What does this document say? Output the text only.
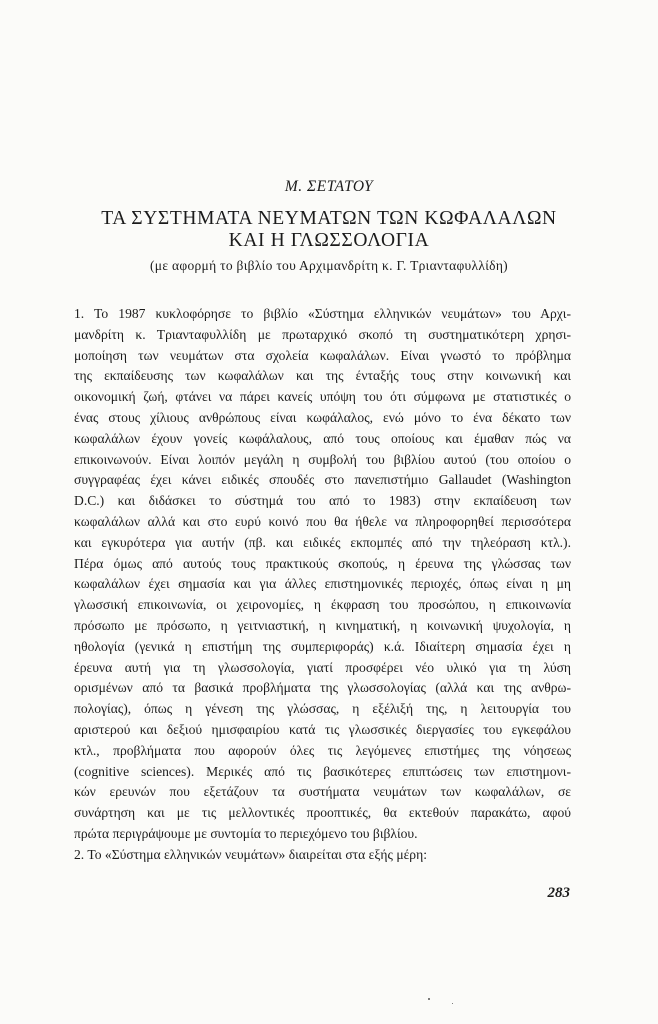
Μ. ΣΕΤΑΤΟΥ
ΤΑ ΣΥΣΤΗΜΑΤΑ ΝΕΥΜΑΤΩΝ ΤΩΝ ΚΩΦΑΛΑΛΩΝ
ΚΑΙ Η ΓΛΩΣΣΟΛΟΓΙΑ
(με αφορμή το βιβλίο του Αρχιμανδρίτη κ. Γ. Τριανταφυλλίδη)
1. Το 1987 κυκλοφόρησε το βιβλίο «Σύστημα ελληνικών νευμάτων» του Αρχι-
μανδρίτη κ. Τριανταφυλλίδη με πρωταρχικό σκοπό τη συστηματικότερη χρησι-
μοποίηση των νευμάτων στα σχολεία κωφαλάλων. Είναι γνωστό το πρόβλημα
της εκπαίδευσης των κωφαλάλων και της ένταξής τους στην κοινωνική και
οικονομική ζωή, φτάνει να πάρει κανείς υπόψη του ότι σύμφωνα με στατιστικές ο
ένας στους χίλιους ανθρώπους είναι κωφάλαλος, ενώ μόνο το ένα δέκατο των
κωφαλάλων έχουν γονείς κωφάλαλους, από τους οποίους και έμαθαν πώς να
επικοινωνούν. Είναι λοιπόν μεγάλη η συμβολή του βιβλίου αυτού (του οποίου ο
συγγραφέας έχει κάνει ειδικές σπουδές στο πανεπιστήμιο Gallaudet (Washington
D.C.) και διδάσκει το σύστημά του από το 1983) στην εκπαίδευση των
κωφαλάλων αλλά και στο ευρύ κοινό που θα ήθελε να πληροφορηθεί περισσότερα
και εγκυρότερα για αυτήν (πβ. και ειδικές εκπομπές από την τηλεόραση κτλ.).
Πέρα όμως από αυτούς τους πρακτικούς σκοπούς, η έρευνα της γλώσσας των
κωφαλάλων έχει σημασία και για άλλες επιστημονικές περιοχές, όπως είναι η μη
γλωσσική επικοινωνία, οι χειρονομίες, η έκφραση του προσώπου, η επικοινωνία
πρόσωπο με πρόσωπο, η γειτνιαστική, η κινηματική, η κοινωνική ψυχολογία, η
ηθολογία (γενικά η επιστήμη της συμπεριφοράς) κ.ά. Ιδιαίτερη σημασία έχει η
έρευνα αυτή για τη γλωσσολογία, γιατί προσφέρει νέο υλικό για τη λύση
ορισμένων από τα βασικά προβλήματα της γλωσσολογίας (αλλά και της ανθρω-
πολογίας), όπως η γένεση της γλώσσας, η εξέλιξή της, η λειτουργία του
αριστερού και δεξιού ημισφαιρίου κατά τις γλωσσικές διεργασίες του εγκεφάλου
κτλ., προβλήματα που αφορούν όλες τις λεγόμενες επιστήμες της νόησεως
(cognitive sciences). Μερικές από τις βασικότερες επιπτώσεις των επιστημονι-
κών ερευνών που εξετάζουν τα συστήματα νευμάτων των κωφαλάλων, σε
συνάρτηση και με τις μελλοντικές προοπτικές, θα εκτεθούν παρακάτω, αφού
πρώτα περιγράψουμε με συντομία το περιεχόμενο του βιβλίου.
2. Το «Σύστημα ελληνικών νευμάτων» διαιρείται στα εξής μέρη:
283
